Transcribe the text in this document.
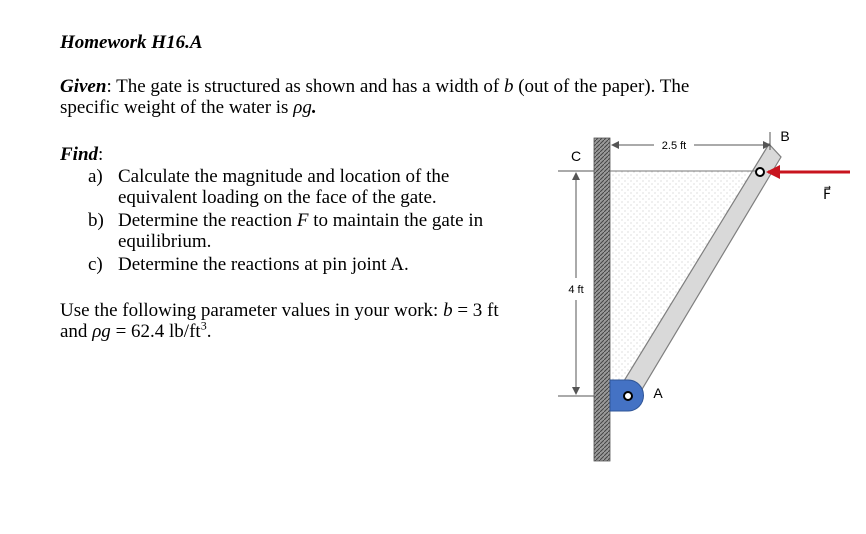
Homework H16.A
Given: The gate is structured as shown and has a width of b (out of the paper). The specific weight of the water is ρg.
Find:
a) Calculate the magnitude and location of the equivalent loading on the face of the gate.
b) Determine the reaction F to maintain the gate in equilibrium.
c) Determine the reactions at pin joint A.
Use the following parameter values in your work: b = 3 ft and ρg = 62.4 $lb/ft^3$.
C
B
A
F⃗
2.5 ft
4 ft
